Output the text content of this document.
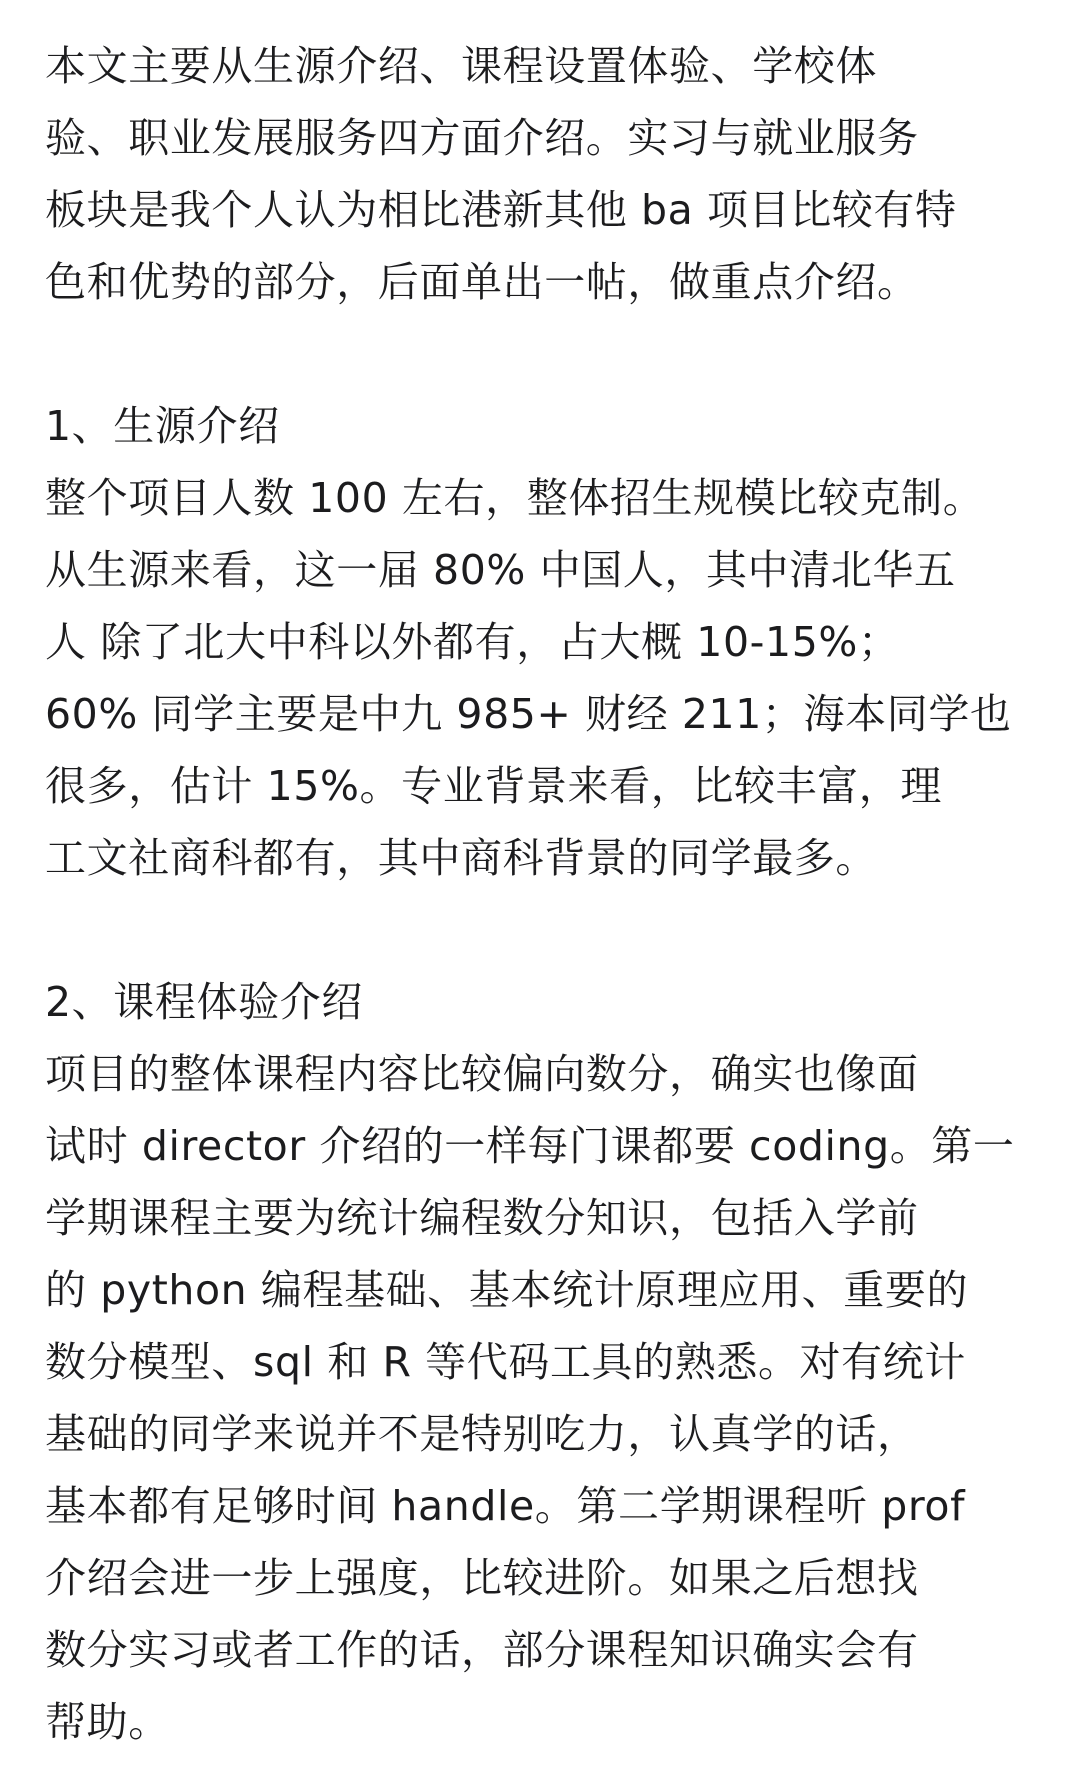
本文主要从生源介绍、课程设置体验、学校体
验、职业发展服务四方面介绍。实习与就业服务
板块是我个人认为相比港新其他 ba 项目比较有特
色和优势的部分，后面单出一帖，做重点介绍。
1、生源介绍
整个项目人数 100 左右，整体招生规模比较克制。
从生源来看，这一届 80% 中国人，其中清北华五
人 除了北大中科以外都有，占大概 10-15%；
60% 同学主要是中九 985+ 财经 211；海本同学也
很多，估计 15%。专业背景来看，比较丰富，理
工文社商科都有，其中商科背景的同学最多。
2、课程体验介绍
项目的整体课程内容比较偏向数分，确实也像面
试时 director 介绍的一样每门课都要 coding。第一
学期课程主要为统计编程数分知识，包括入学前
的 python 编程基础、基本统计原理应用、重要的
数分模型、sql 和 R 等代码工具的熟悉。对有统计
基础的同学来说并不是特别吃力，认真学的话，
基本都有足够时间 handle。第二学期课程听 prof
介绍会进一步上强度，比较进阶。如果之后想找
数分实习或者工作的话，部分课程知识确实会有
帮助。
